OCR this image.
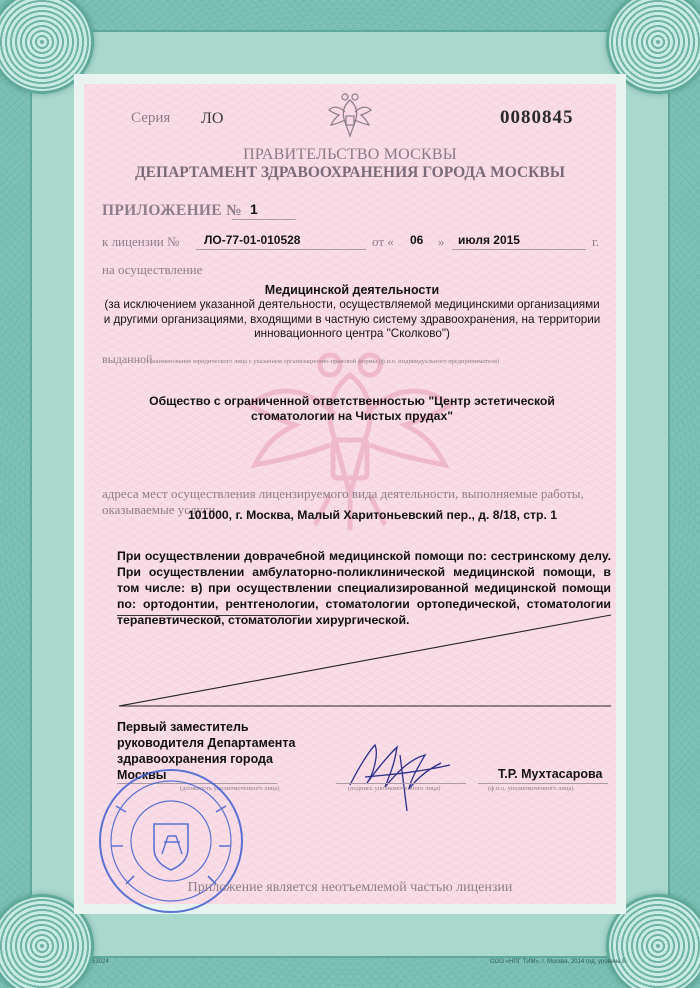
Серия ЛО	0080845
ПРАВИТЕЛЬСТВО МОСКВЫ
ДЕПАРТАМЕНТ ЗДРАВООХРАНЕНИЯ ГОРОДА МОСКВЫ
ПРИЛОЖЕНИЕ № 1
к лицензии № ЛО-77-01-010528	от « 06 » июля 2015	г.
на осуществление
Медицинской деятельности
(за исключением указанной деятельности, осуществляемой медицинскими организациями и другими организациями, входящими в частную систему здравоохранения, на территории инновационного центра "Сколково")
выданной
(наименование юридического лица с указанием организационно-правовой формы (ф.и.о. индивидуального предпринимателя)
Общество с ограниченной ответственностью "Центр эстетической стоматологии на Чистых прудах"
адреса мест осуществления лицензируемого вида деятельности, выполняемые работы,
оказываемые услуги
101000, г. Москва, Малый Харитоньевский пер., д. 8/18, стр. 1
При осуществлении доврачебной медицинской помощи по: сестринскому делу. При осуществлении амбулаторно-поликлинической медицинской помощи, в том числе: в) при осуществлении специализированной медицинской помощи по: ортодонтии, рентгенологии, стоматологии ортопедической, стоматологии терапевтической, стоматологии хирургической.
Первый заместитель руководителя Департамента здравоохранения города Москвы
(должность уполномоченного лица)	(подпись уполномоченного лица)
Т.Р. Мухтасарова
(ф.и.о. уполномоченного лица)
Приложение является неотъемлемой частью лицензии
53024	ООО «НПГ ТИМ», г. Москва, 2014 год, уровень Б
